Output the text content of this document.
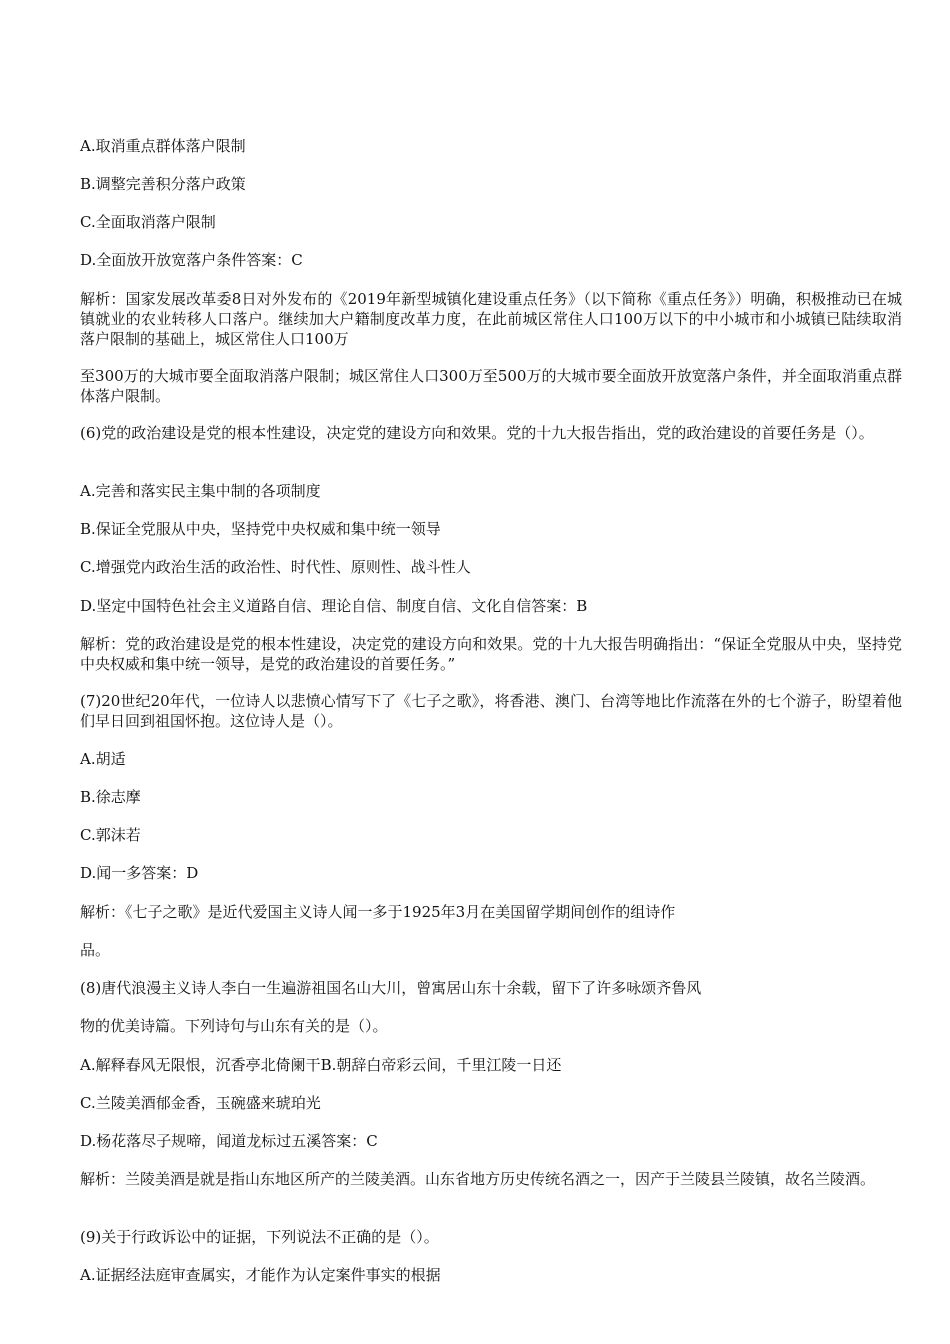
A.取消重点群体落户限制

B.调整完善积分落户政策

C.全面取消落户限制

D.全面放开放宽落户条件答案：C

解析：国家发展改革委8日对外发布的《2019年新型城镇化建设重点任务》（以下简称《重点任务》）明确，积极推动已在城镇就业的农业转移人口落户。继续加大户籍制度改革力度，在此前城区常住人口100万以下的中小城市和小城镇已陆续取消落户限制的基础上，城区常住人口100万

至300万的大城市要全面取消落户限制；城区常住人口300万至500万的大城市要全面放开放宽落户条件，并全面取消重点群体落户限制。

(6)党的政治建设是党的根本性建设，决定党的建设方向和效果。党的十九大报告指出，党的政治建设的首要任务是（）。

A.完善和落实民主集中制的各项制度

B.保证全党服从中央，坚持党中央权威和集中统一领导

C.增强党内政治生活的政治性、时代性、原则性、战斗性人

D.坚定中国特色社会主义道路自信、理论自信、制度自信、文化自信答案：B

解析：党的政治建设是党的根本性建设，决定党的建设方向和效果。党的十九大报告明确指出：“保证全党服从中央，坚持党中央权威和集中统一领导，是党的政治建设的首要任务。”

(7)20世纪20年代，一位诗人以悲愤心情写下了《七子之歌》，将香港、澳门、台湾等地比作流落在外的七个游子，盼望着他们早日回到祖国怀抱。这位诗人是（）。

A.胡适

B.徐志摩

C.郭沫若

D.闻一多答案：D

解析：《七子之歌》是近代爱国主义诗人闻一多于1925年3月在美国留学期间创作的组诗作

品。

(8)唐代浪漫主义诗人李白一生遍游祖国名山大川，曾寓居山东十余载，留下了许多咏颂齐鲁风

物的优美诗篇。下列诗句与山东有关的是（）。

A.解释春风无限恨，沉香亭北倚阑干B.朝辞白帝彩云间，千里江陵一日还

C.兰陵美酒郁金香，玉碗盛来琥珀光

D.杨花落尽子规啼，闻道龙标过五溪答案：C

解析：兰陵美酒是就是指山东地区所产的兰陵美酒。山东省地方历史传统名酒之一，因产于兰陵县兰陵镇，故名兰陵酒。

(9)关于行政诉讼中的证据，下列说法不正确的是（）。

A.证据经法庭审查属实，才能作为认定案件事实的根据
